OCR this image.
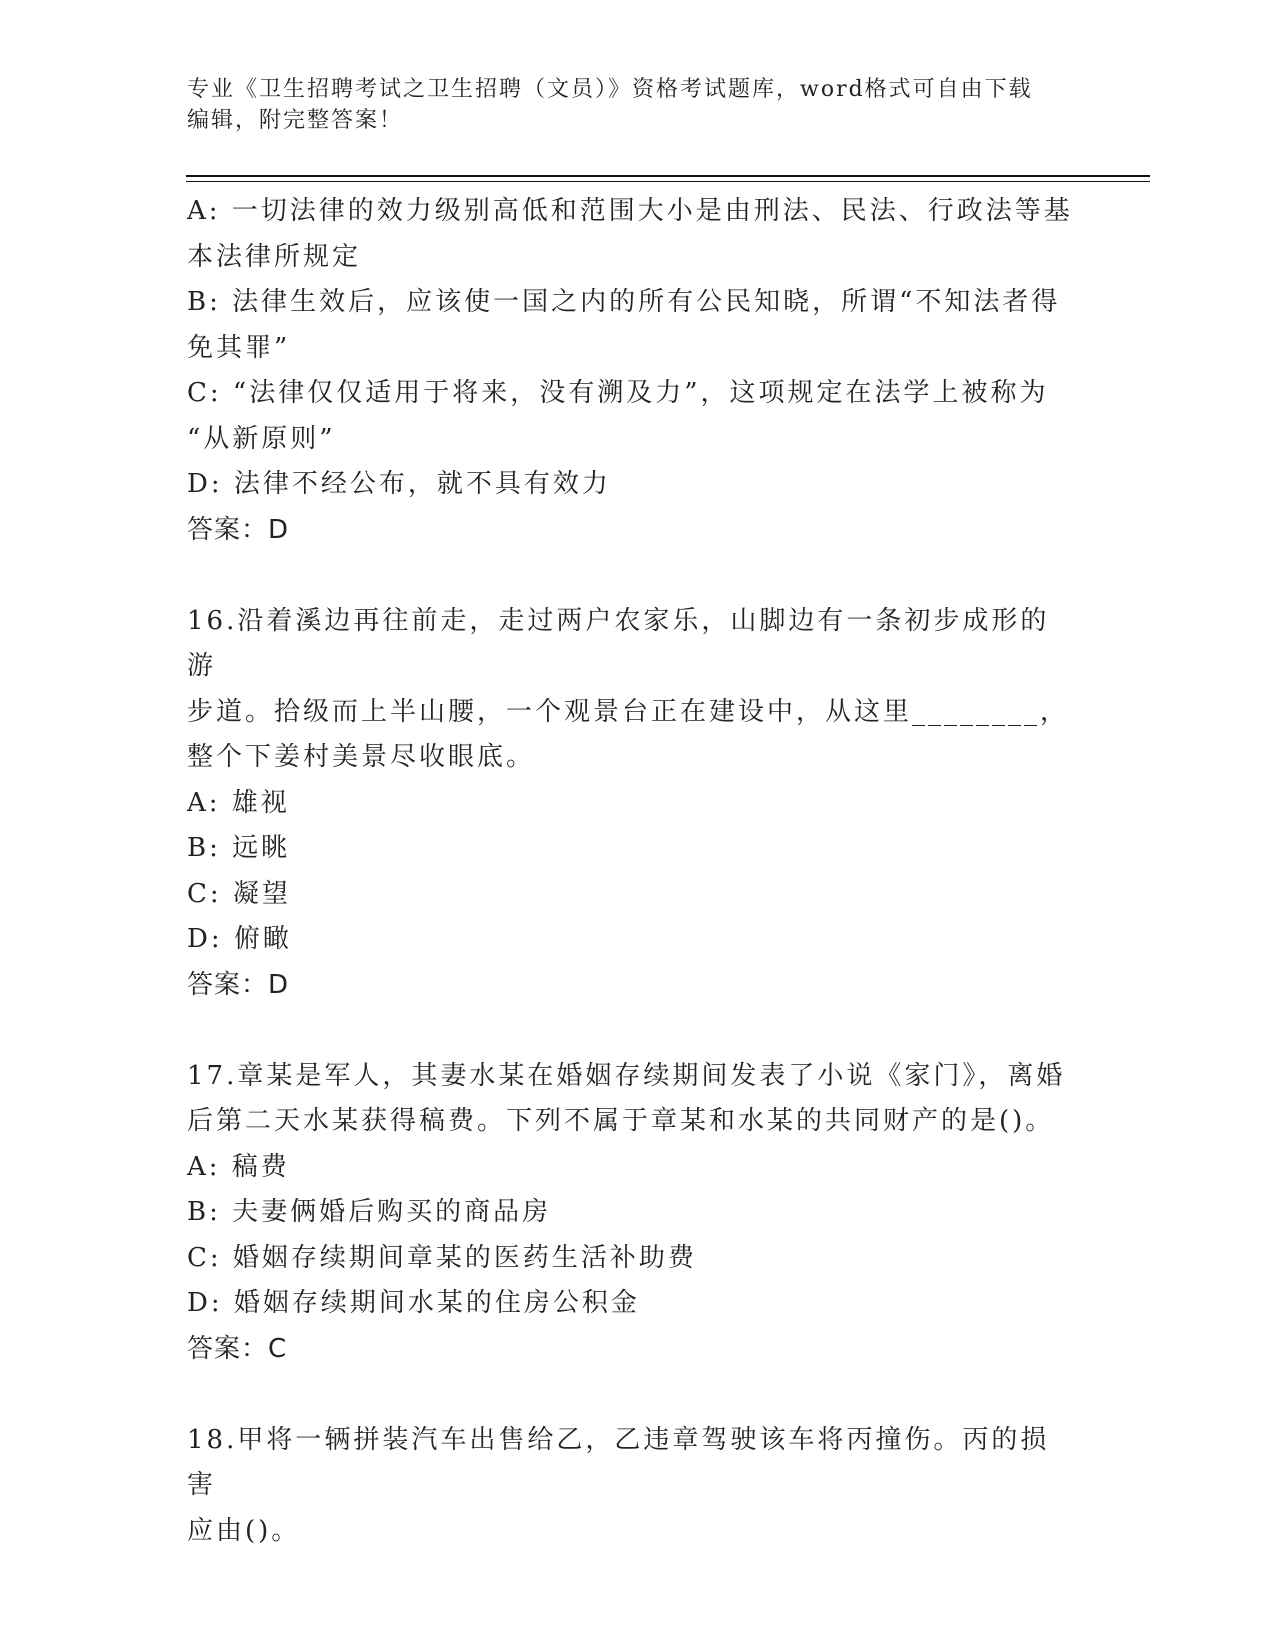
专业《卫生招聘考试之卫生招聘（文员）》资格考试题库，word格式可自由下载
编辑，附完整答案！
A: 一切法律的效力级别高低和范围大小是由刑法、民法、行政法等基
本法律所规定
B: 法律生效后，应该使一国之内的所有公民知晓，所谓“不知法者得
免其罪”
C: “法律仅仅适用于将来，没有溯及力”，这项规定在法学上被称为
“从新原则”
D: 法律不经公布，就不具有效力
答案：D
16.沿着溪边再往前走，走过两户农家乐，山脚边有一条初步成形的游
步道。拾级而上半山腰，一个观景台正在建设中，从这里________，
整个下姜村美景尽收眼底。
A: 雄视
B: 远眺
C: 凝望
D: 俯瞰
答案：D
17.章某是军人，其妻水某在婚姻存续期间发表了小说《家门》，离婚
后第二天水某获得稿费。下列不属于章某和水某的共同财产的是()。
A: 稿费
B: 夫妻俩婚后购买的商品房
C: 婚姻存续期间章某的医药生活补助费
D: 婚姻存续期间水某的住房公积金
答案：C
18.甲将一辆拼装汽车出售给乙，乙违章驾驶该车将丙撞伤。丙的损害
应由()。
